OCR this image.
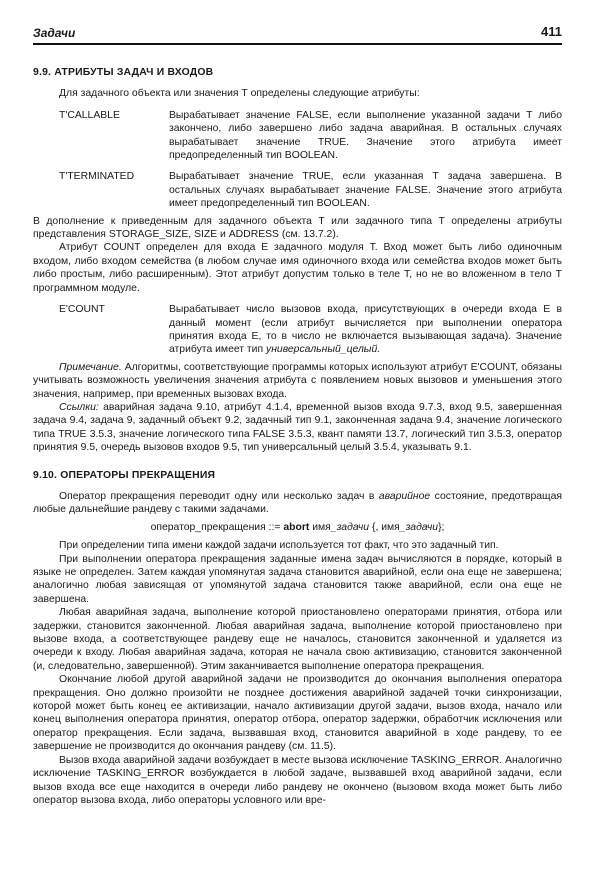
Задачи	411
9.9. АТРИБУТЫ ЗАДАЧ И ВХОДОВ

Для задачного объекта или значения Т определены следующие атрибуты:

T'CALLABLE	Вырабатывает значение FALSE, если выполнение указанной задачи Т либо закончено, либо завершено либо задача аварийная. В остальных случаях вырабатывает значение TRUE. Значение этого атрибута имеет предопределенный тип BOOLEAN.
T'TERMINATED	Вырабатывает значение TRUE, если указанная Т задача завершена. В остальных случаях вырабатывает значение FALSE. Значение этого атрибута имеет предопределенный тип BOOLEAN.

В дополнение к приведенным для задачного объекта Т или задачного типа Т определены атрибуты представления STORAGE_SIZE, SIZE и ADDRESS (см. 13.7.2).

Атрибут COUNT определен для входа Е задачного модуля Т. Вход может быть либо одиночным входом, либо входом семейства (в любом случае имя одиночного входа или семейства входов может быть либо простым, либо расширенным). Этот атрибут допустим только в теле Т, но не во вложенном в тело Т программном модуле.

E'COUNT	Вырабатывает число вызовов входа, присутствующих в очереди входа Е в данный момент (если атрибут вычисляется при выполнении оператора принятия входа Е, то в число не включается вызывающая задача). Значение атрибута имеет тип универсальный_целый.

Примечание. Алгоритмы, соответствующие программы которых используют атрибут E'COUNT, обязаны учитывать возможность увеличения значения атрибута с появлением новых вызовов и уменьшения этого значения, например, при временных вызовах входа.

Ссылки: аварийная задача 9.10, атрибут 4.1.4, временной вызов входа 9.7.3, вход 9.5, завершенная задача 9.4, задача 9, задачный объект 9.2, задачный тип 9.1, законченная задача 9.4, значение логического типа TRUE 3.5.3, значение логического типа FALSE 3.5.3, квант памяти 13.7, логический тип 3.5.3, оператор принятия 9.5, очередь вызовов входов 9.5, тип универсальный целый 3.5.4, указывать 9.1.

9.10. ОПЕРАТОРЫ ПРЕКРАЩЕНИЯ

Оператор прекращения переводит одну или несколько задач в аварийное состояние, предотвращая любые дальнейшие рандеву с такими задачами.

оператор_прекращения ::= abort имя_задачи {, имя_задачи};

При определении типа имени каждой задачи используется тот факт, что это задачный тип.

При выполнении оператора прекращения заданные имена задач вычисляются в порядке, который в языке не определен. Затем каждая упомянутая задача становится аварийной, если она еще не завершена; аналогично любая зависящая от упомянутой задача становится также аварийной, если она еще не завершена.

Любая аварийная задача, выполнение которой приостановлено операторами принятия, отбора или задержки, становится законченной. Любая аварийная задача, выполнение которой приостановлено при вызове входа, а соответствующее рандеву еще не началось, становится законченной и удаляется из очереди к входу. Любая аварийная задача, которая не начала свою активизацию, становится законченной (и, следовательно, завершенной). Этим заканчивается выполнение оператора прекращения.

Окончание любой другой аварийной задачи не производится до окончания выполнения оператора прекращения. Оно должно произойти не позднее достижения аварийной задачей точки синхронизации, которой может быть конец ее активизации, начало активизации другой задачи, вызов входа, начало или конец выполнения оператора принятия, оператор отбора, оператор задержки, обработчик исключения или оператор прекращения. Если задача, вызвавшая вход, становится аварийной в ходе рандеву, то ее завершение не производится до окончания рандеву (см. 11.5).

Вызов входа аварийной задачи возбуждает в месте вызова исключение TASKING_ERROR. Аналогично исключение TASKING_ERROR возбуждается в любой задаче, вызвавшей вход аварийной задачи, если вызов входа все еще находится в очереди либо рандеву не окончено (вызовом входа может быть либо оператор вызова входа, либо операторы условного или вре-
